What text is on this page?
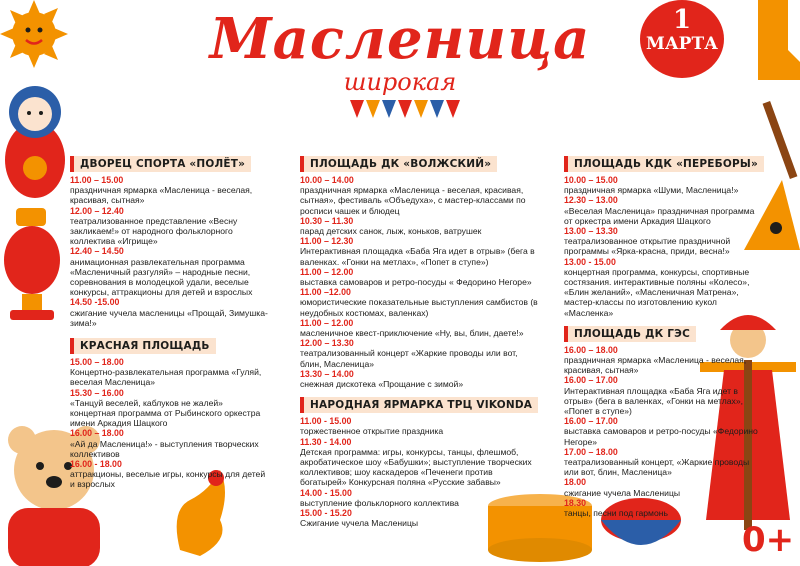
Масленица
широкая
1
МАРТА
ДВОРЕЦ СПОРТА «ПОЛЁТ»
11.00 – 15.00
праздничная ярмарка «Масленица - веселая, красивая, сытная»
12.00 – 12.40
театрализованное представление «Весну закликаем!» от народного фольклорного коллектива «Игрище»
12.40 – 14.50
анимационная развлекательная программа «Масленичный разгуляй» – народные песни, соревнования в молодецкой удали, веселые конкурсы, аттракционы для детей и взрослых
14.50 -15.00
сжигание чучела масленицы «Прощай, Зимушка-зима!»
КРАСНАЯ ПЛОЩАДЬ
15.00 – 18.00
Концертно-развлекательная программа «Гуляй, веселая Масленица»
15.30 – 16.00
«Танцуй веселей, каблуков не жалей» концертная программа от Рыбинского оркестра имени Аркадия Шацкого
16.00 – 18.00
«Ай да Масленица!» - выступления творческих коллективов
16.00 - 18.00
аттракционы, веселые игры, конкурсы для детей и взрослых
ПЛОЩАДЬ ДК «ВОЛЖСКИЙ»
10.00 – 14.00
праздничная ярмарка «Масленица - веселая, красивая, сытная», фестиваль «Объедуха», с мастер-классами по росписи чашек и блюдец
10.30 – 11.30
парад детских санок, лыж, коньков, ватрушек
11.00 – 12.30
Интерактивная площадка «Баба Яга идет в отрыв» (бега в валенках. «Гонки на метлах», «Попет в ступе»)
11.00 – 12.00
выставка самоваров и ретро-посуды « Федорино Негоре»
11.00 –12.00
юмористические показательные выступления самбистов (в неудобных костюмах, валенках)
11.00 – 12.00
масленичное квест-приключение «Ну, вы, блин, даете!»
12.00 – 13.30
театрализованный концерт «Жаркие проводы или вот, блин, Масленица»
13.30 – 14.00
снежная дискотека «Прощание с зимой»
НАРОДНАЯ ЯРМАРКА ТРЦ VIKONDA
11.00 - 15.00
торжественное открытие праздника
11.30 - 14.00
Детская программа: игры, конкурсы, танцы, флешмоб, акробатическое шоу «Бабушки»; выступление творческих коллективов; шоу каскадеров «Печенеги против богатырей» Конкурсная поляна «Русские забавы»
14.00 - 15.00
выступление фольклорного коллектива
15.00 - 15.20
Сжигание чучела Масленицы
ПЛОЩАДЬ КДК «ПЕРЕБОРЫ»
10.00 – 15.00
праздничная ярмарка «Шуми, Масленица!»
12.30 – 13.00
«Веселая Масленица» праздничная программа от оркестра имени Аркадия Шацкого
13.00 – 13.30
театрализованное открытие праздничной программы «Ярка-красна, приди, весна!»
13.00 - 15.00
концертная программа, конкурсы, спортивные состязания. интерактивные поляны «Колесо», «Блин желаний», «Масленичная Матрена», мастер-классы по изготовлению кукол «Масленка»
ПЛОЩАДЬ ДК ГЭС
16.00 – 18.00
праздничная ярмарка «Масленица - веселая, красивая, сытная»
16.00 – 17.00
Интерактивная площадка «Баба Яга идет в отрыв» (бега в валенках, «Гонки на метлах», «Попет в ступе»)
16.00 – 17.00
выставка самоваров и ретро-посуды «Федорино Негоре»
17.00 – 18.00
театрализованный концерт, «Жаркие проводы или вот, блин, Масленица»
18.00
сжигание чучела Масленицы
18.30
танцы, песни под гармонь
0+
